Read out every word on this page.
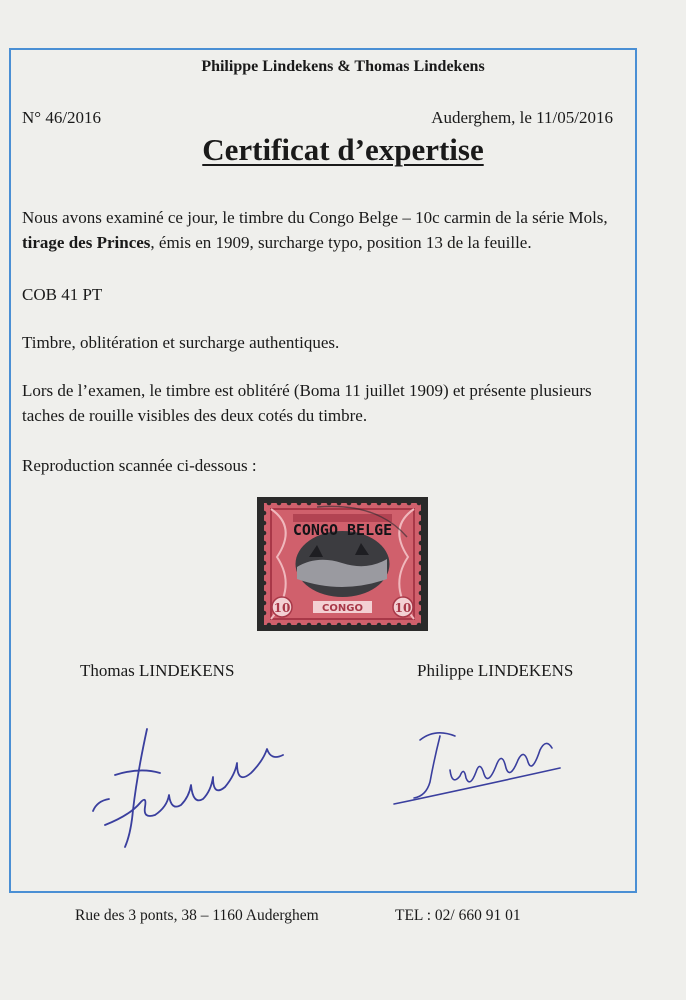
Philippe Lindekens & Thomas Lindekens
N° 46/2016	Auderghem, le 11/05/2016
Certificat d’expertise
Nous avons examiné ce jour, le timbre du Congo Belge – 10c carmin de la série Mols, tirage des Princes, émis en 1909, surcharge typo, position 13 de la feuille.
COB 41 PT
Timbre, oblitération et surcharge authentiques.
Lors de l’examen, le timbre est oblitéré (Boma 11 juillet 1909) et présente plusieurs taches de rouille visibles des deux cotés du timbre.
Reproduction scannée ci-dessous :
CONGO BELGE
10	10
CONGO
Thomas LINDEKENS	Philippe LINDEKENS
Rue des 3 ponts, 38 – 1160 Auderghem	TEL : 02/ 660 91 01
